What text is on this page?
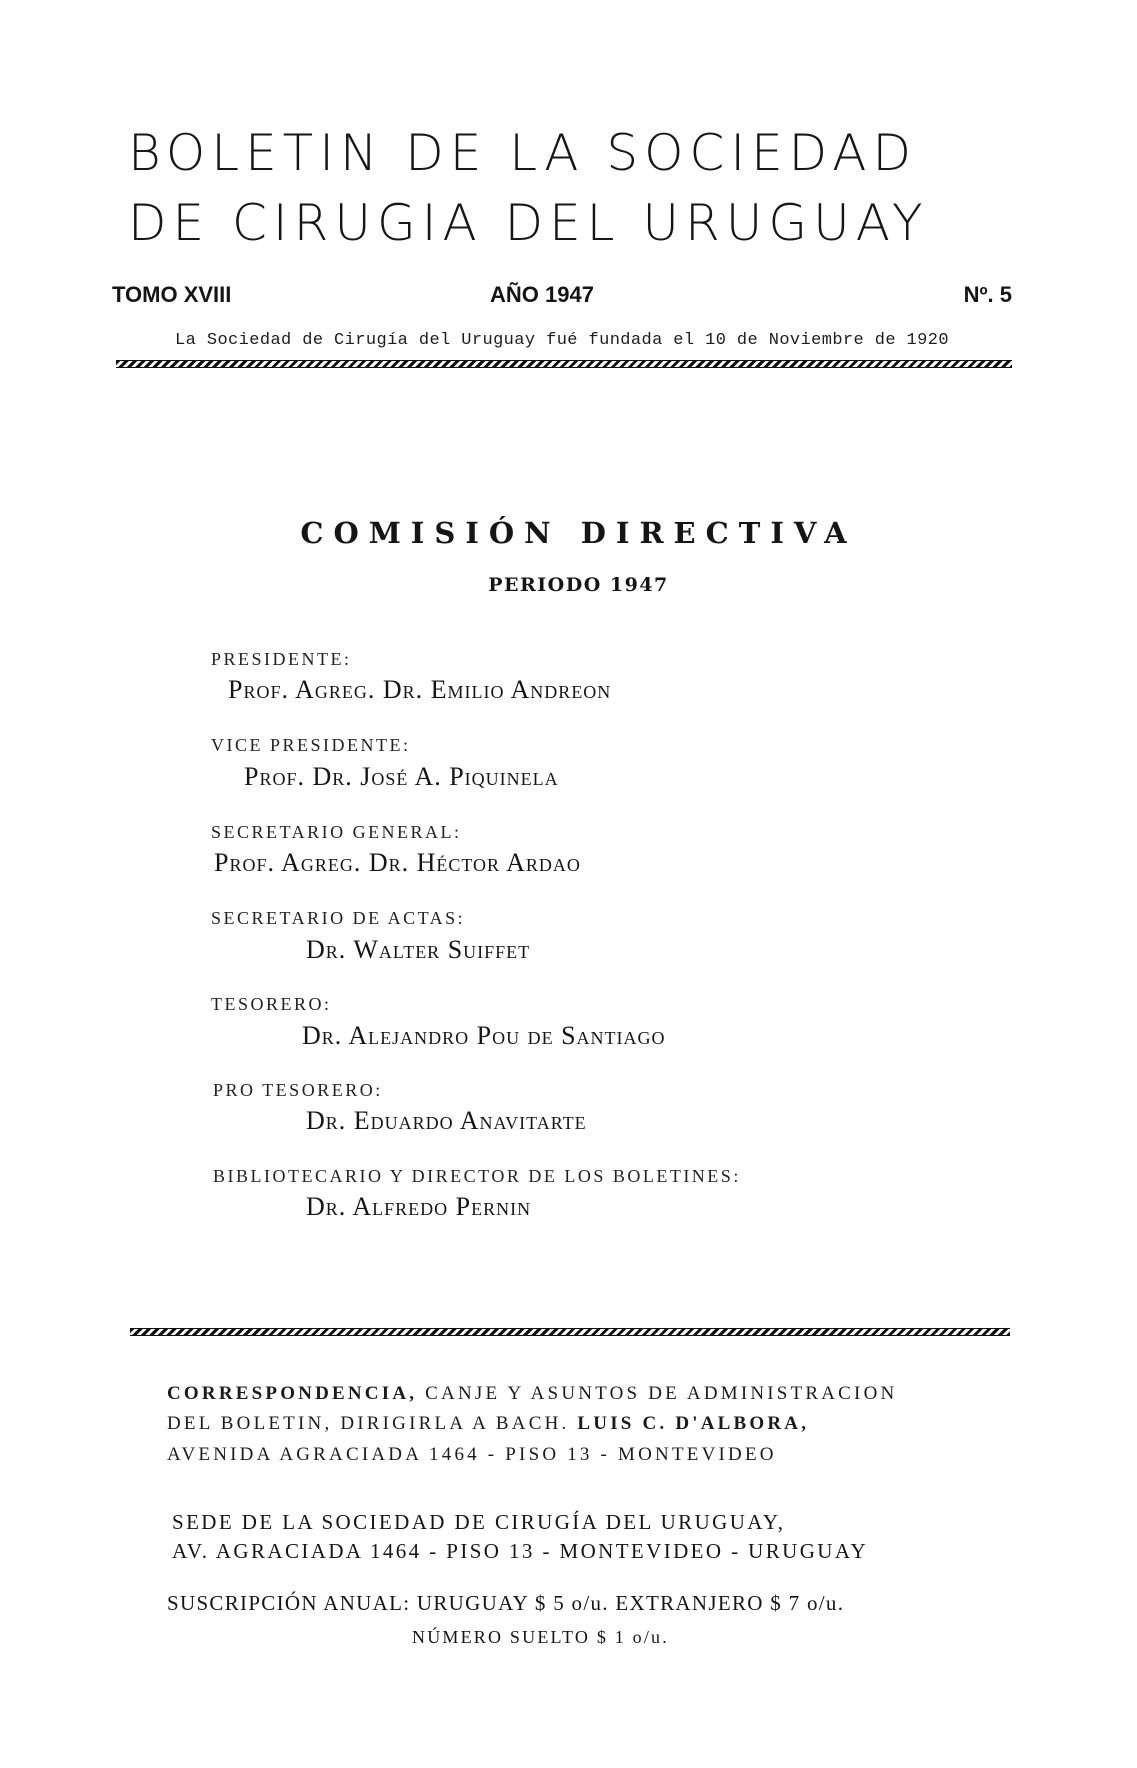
BOLETIN DE LA SOCIEDAD
DE CIRUGIA DEL URUGUAY
TOMO XVIII	AÑO 1947	Nº. 5
La Sociedad de Cirugía del Uruguay fué fundada el 10 de Noviembre de 1920
COMISIÓN DIRECTIVA
PERIODO 1947
PRESIDENTE:
Prof. Agreg. Dr. Emilio Andreon
VICE PRESIDENTE:
Prof. Dr. José A. Piquinela
SECRETARIO GENERAL:
Prof. Agreg. Dr. Héctor Ardao
SECRETARIO DE ACTAS:
Dr. Walter Suiffet
TESORERO:
Dr. Alejandro Pou de Santiago
PRO TESORERO:
Dr. Eduardo Anavitarte
BIBLIOTECARIO Y DIRECTOR DE LOS BOLETINES:
Dr. Alfredo Pernin
CORRESPONDENCIA, CANJE Y ASUNTOS DE ADMINISTRACION
DEL BOLETIN, DIRIGIRLA A BACH. LUIS C. D'ALBORA,
AVENIDA AGRACIADA 1464 - PISO 13 - MONTEVIDEO
SEDE DE LA SOCIEDAD DE CIRUGÍA DEL URUGUAY,
AV. AGRACIADA 1464 - PISO 13 - MONTEVIDEO - URUGUAY
SUSCRIPCIÓN ANUAL: URUGUAY $ 5 o/u. EXTRANJERO $ 7 o/u.
NÚMERO SUELTO $ 1 o/u.
